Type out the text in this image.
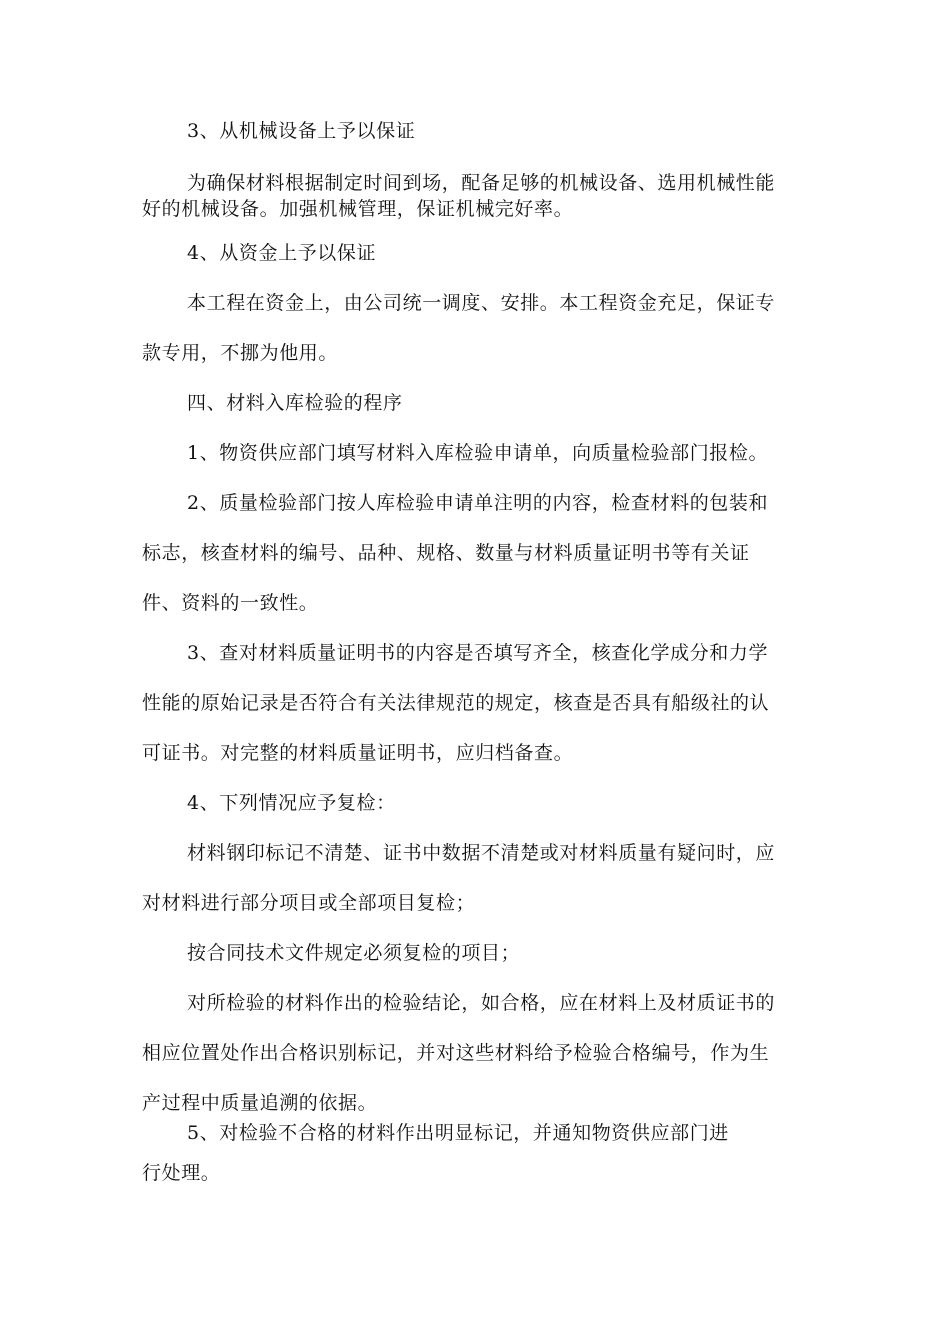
3、从机械设备上予以保证
为确保材料根据制定时间到场，配备足够的机械设备、选用机械性能
好的机械设备。加强机械管理，保证机械完好率。
4、从资金上予以保证
本工程在资金上，由公司统一调度、安排。本工程资金充足，保证专
款专用，不挪为他用。
四、材料入库检验的程序
1、物资供应部门填写材料入库检验申请单，向质量检验部门报检。
2、质量检验部门按人库检验申请单注明的内容，检查材料的包装和
标志，核查材料的编号、品种、规格、数量与材料质量证明书等有关证
件、资料的一致性。
3、查对材料质量证明书的内容是否填写齐全，核查化学成分和力学
性能的原始记录是否符合有关法律规范的规定，核查是否具有船级社的认
可证书。对完整的材料质量证明书，应归档备查。
4、下列情况应予复检：
材料钢印标记不清楚、证书中数据不清楚或对材料质量有疑问时，应
对材料进行部分项目或全部项目复检；
按合同技术文件规定必须复检的项目；
对所检验的材料作出的检验结论，如合格，应在材料上及材质证书的
相应位置处作出合格识别标记，并对这些材料给予检验合格编号，作为生
产过程中质量追溯的依据。
5、对检验不合格的材料作出明显标记，并通知物资供应部门进
行处理。
